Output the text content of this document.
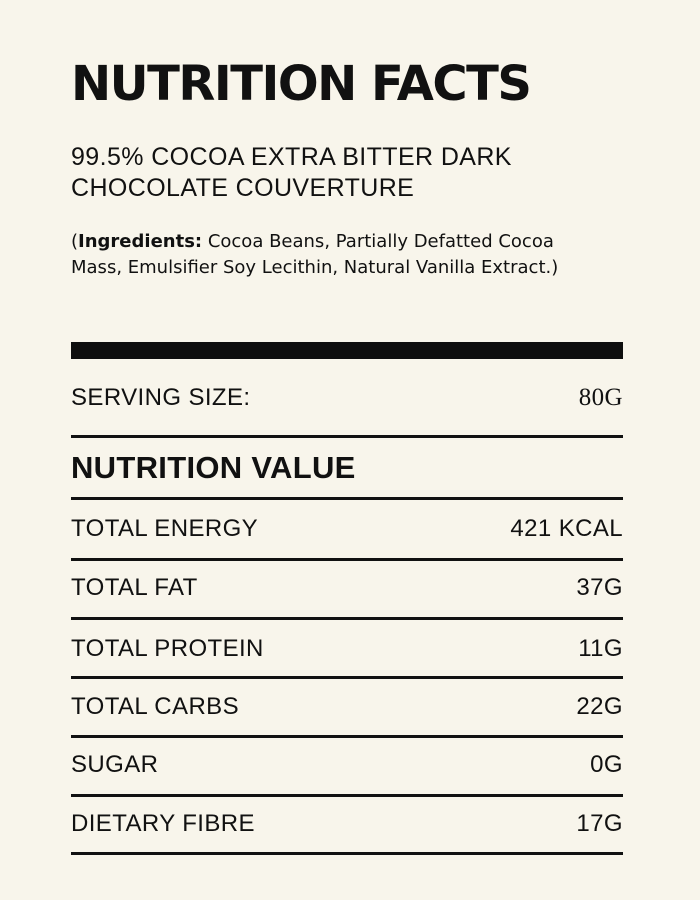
NUTRITION FACTS
99.5% COCOA EXTRA BITTER DARK
CHOCOLATE COUVERTURE
(Ingredients: Cocoa Beans, Partially Defatted Cocoa Mass, Emulsifier Soy Lecithin, Natural Vanilla Extract.)
SERVING SIZE:	80G
NUTRITION VALUE
TOTAL ENERGY	421 KCAL
TOTAL FAT	37G
TOTAL PROTEIN	11G
TOTAL CARBS	22G
SUGAR	0G
DIETARY FIBRE	17G
